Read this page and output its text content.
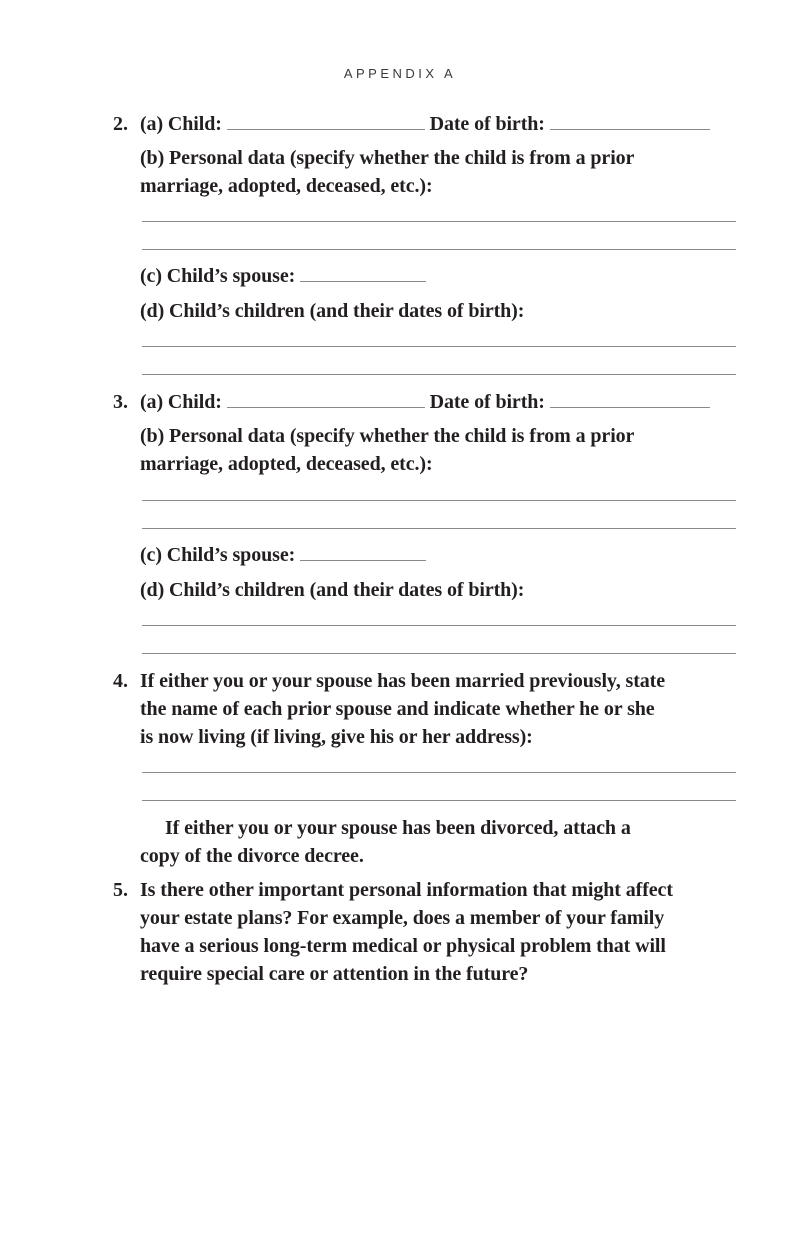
APPENDIX A
2. (a) Child:	Date of birth:
(b) Personal data (specify whether the child is from a prior
marriage, adopted, deceased, etc.):
(c) Child’s spouse:
(d) Child’s children (and their dates of birth):
3. (a) Child:	Date of birth:
(b) Personal data (specify whether the child is from a prior
marriage, adopted, deceased, etc.):
(c) Child’s spouse:
(d) Child’s children (and their dates of birth):
4. If either you or your spouse has been married previously, state
the name of each prior spouse and indicate whether he or she
is now living (if living, give his or her address):
If either you or your spouse has been divorced, attach a
copy of the divorce decree.
5. Is there other important personal information that might affect
your estate plans? For example, does a member of your family
have a serious long-term medical or physical problem that will
require special care or attention in the future?
